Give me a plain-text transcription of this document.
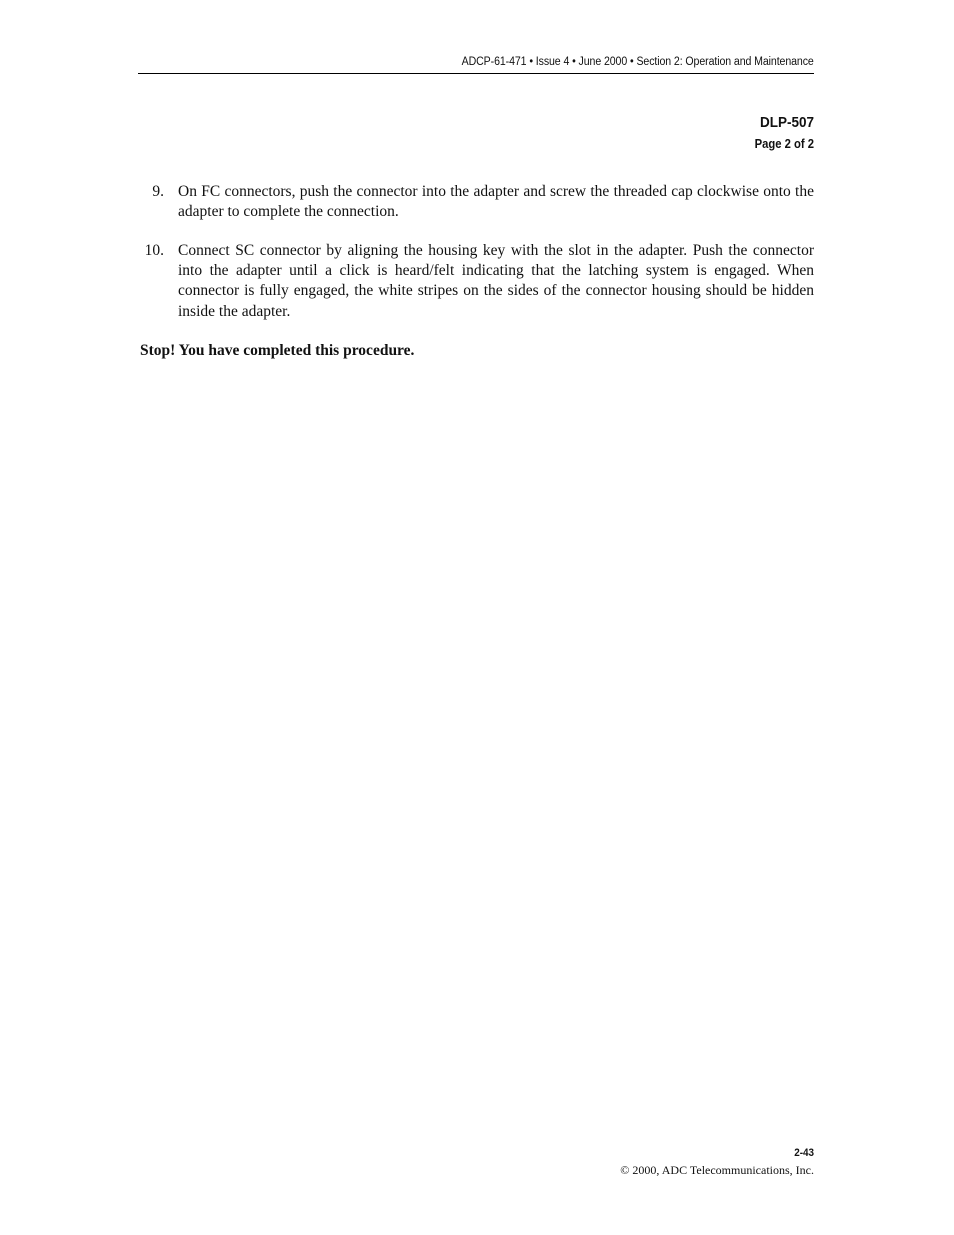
ADCP-61-471 • Issue 4 • June 2000 • Section 2: Operation and Maintenance
DLP-507
Page 2 of 2
9. On FC connectors, push the connector into the adapter and screw the threaded cap clockwise onto the adapter to complete the connection.
10. Connect SC connector by aligning the housing key with the slot in the adapter. Push the connector into the adapter until a click is heard/felt indicating that the latching system is engaged. When connector is fully engaged, the white stripes on the sides of the connector housing should be hidden inside the adapter.
Stop! You have completed this procedure.
2-43
© 2000, ADC Telecommunications, Inc.
